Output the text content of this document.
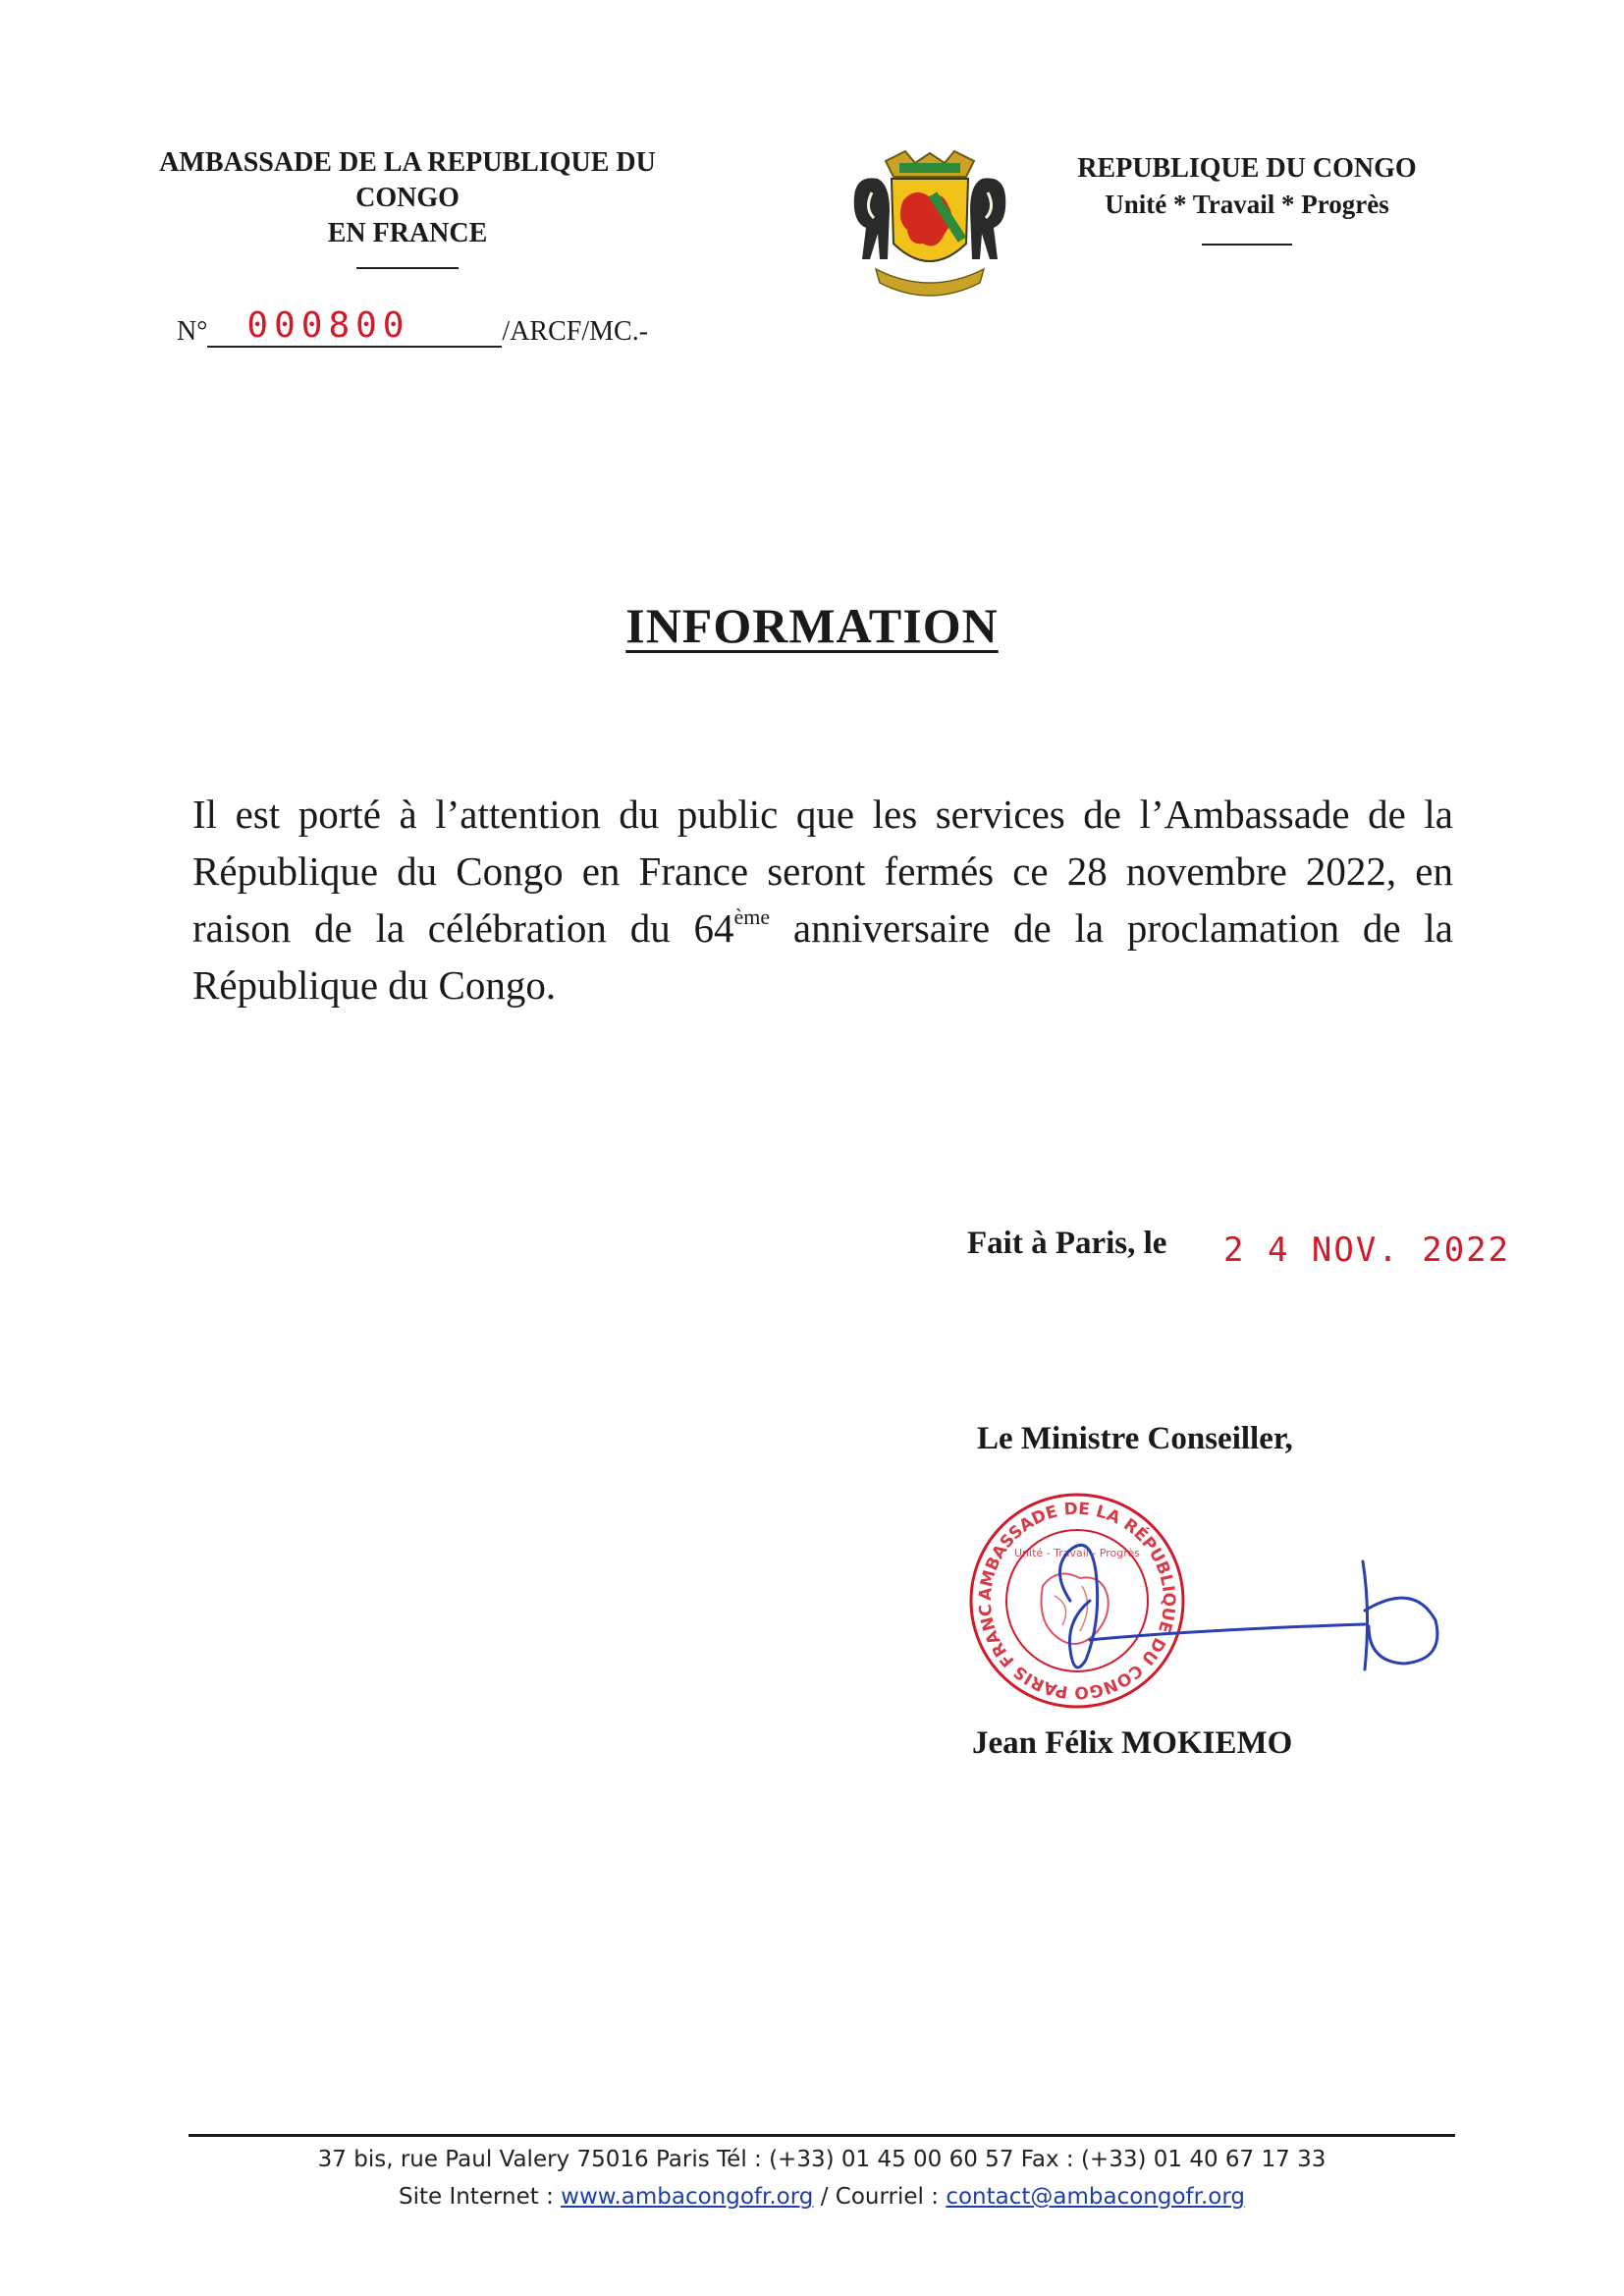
AMBASSADE DE LA REPUBLIQUE DU CONGO
EN FRANCE
REPUBLIQUE DU CONGO
Unité * Travail * Progrès
N° 000800	/ARCF/MC.-
INFORMATION
Il est porté à l’attention du public que les services de l’Ambassade de la République du Congo en France seront fermés ce 28 novembre 2022, en raison de la célébration du 64ème anniversaire de la proclamation de la République du Congo.
Fait à Paris, le 2 4 NOV. 2022
Le Ministre Conseiller,
AMBASSADE DE LA RÉPUBLIQUE DU CONGO PARIS FRANC
Unité - Travail - Progrès
Jean Félix MOKIEMO
37 bis, rue Paul Valery 75016 Paris Tél : (+33) 01 45 00 60 57 Fax : (+33) 01 40 67 17 33
Site Internet : www.ambacongofr.org / Courriel : contact@ambacongofr.org
